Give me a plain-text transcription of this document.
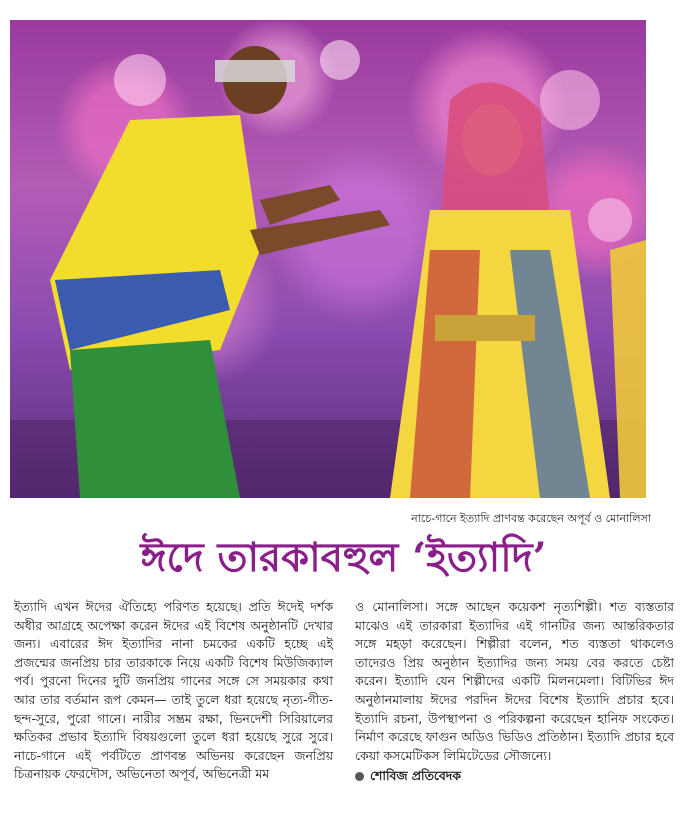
নাচে-গানে ইত্যাদি প্রাণবন্ত করেছেন অপূর্ব ও মোনালিসা
ঈদে তারকাবহুল ‘ইত্যাদি’
ইত্যাদি এখন ঈদের ঐতিহ্যে পরিণত হয়েছে। প্রতি ঈদেই দর্শক অধীর আগ্রহে অপেক্ষা করেন ঈদের এই বিশেষ অনুষ্ঠানটি দেখার জন্য। এবারের ঈদ ইত্যাদির নানা চমকের একটি হচ্ছে এই প্রজন্মের জনপ্রিয় চার তারকাকে নিয়ে একটি বিশেষ মিউজিক্যাল পর্ব। পুরনো দিনের দুটি জনপ্রিয় গানের সঙ্গে সে সময়কার কথা আর তার বর্তমান রূপ কেমন— তাই তুলে ধরা হয়েছে নৃত্য-গীত-ছন্দ-সুরে, পুরো গানে। নারীর সম্ভ্রম রক্ষা, ভিনদেশী সিরিয়ালের ক্ষতিকর প্রভাব ইত্যাদি বিষয়গুলো তুলে ধরা হয়েছে সুরে সুরে। নাচে-গানে এই পর্বটিতে প্রাণবন্ত অভিনয় করেছেন জনপ্রিয় চিত্রনায়ক ফেরদৌস, অভিনেতা অপূর্ব, অভিনেত্রী মম
ও মোনালিসা। সঙ্গে আছেন কয়েকশ নৃত্যশিল্পী। শত ব্যস্ততার মাঝেও এই তারকারা ইত্যাদির এই গানটির জন্য আন্তরিকতার সঙ্গে মহড়া করেছেন। শিল্পীরা বলেন, শত ব্যস্ততা থাকলেও তাদেরও প্রিয় অনুষ্ঠান ইত্যাদির জন্য সময় বের করতে চেষ্টা করেন। ইত্যাদি যেন শিল্পীদের একটি মিলনমেলা। বিটিভির ঈদ অনুষ্ঠানমালায় ঈদের পরদিন ঈদের বিশেষ ইত্যাদি প্রচার হবে। ইত্যাদি রচনা, উপস্থাপনা ও পরিকল্পনা করেছেন হানিফ সংকেত। নির্মাণ করেছে ফাগুন অডিও ভিডিও প্রতিষ্ঠান। ইত্যাদি প্রচার হবে কেয়া কসমেটিকস লিমিটেডের সৌজন্যে।
শোবিজ প্রতিবেদক
